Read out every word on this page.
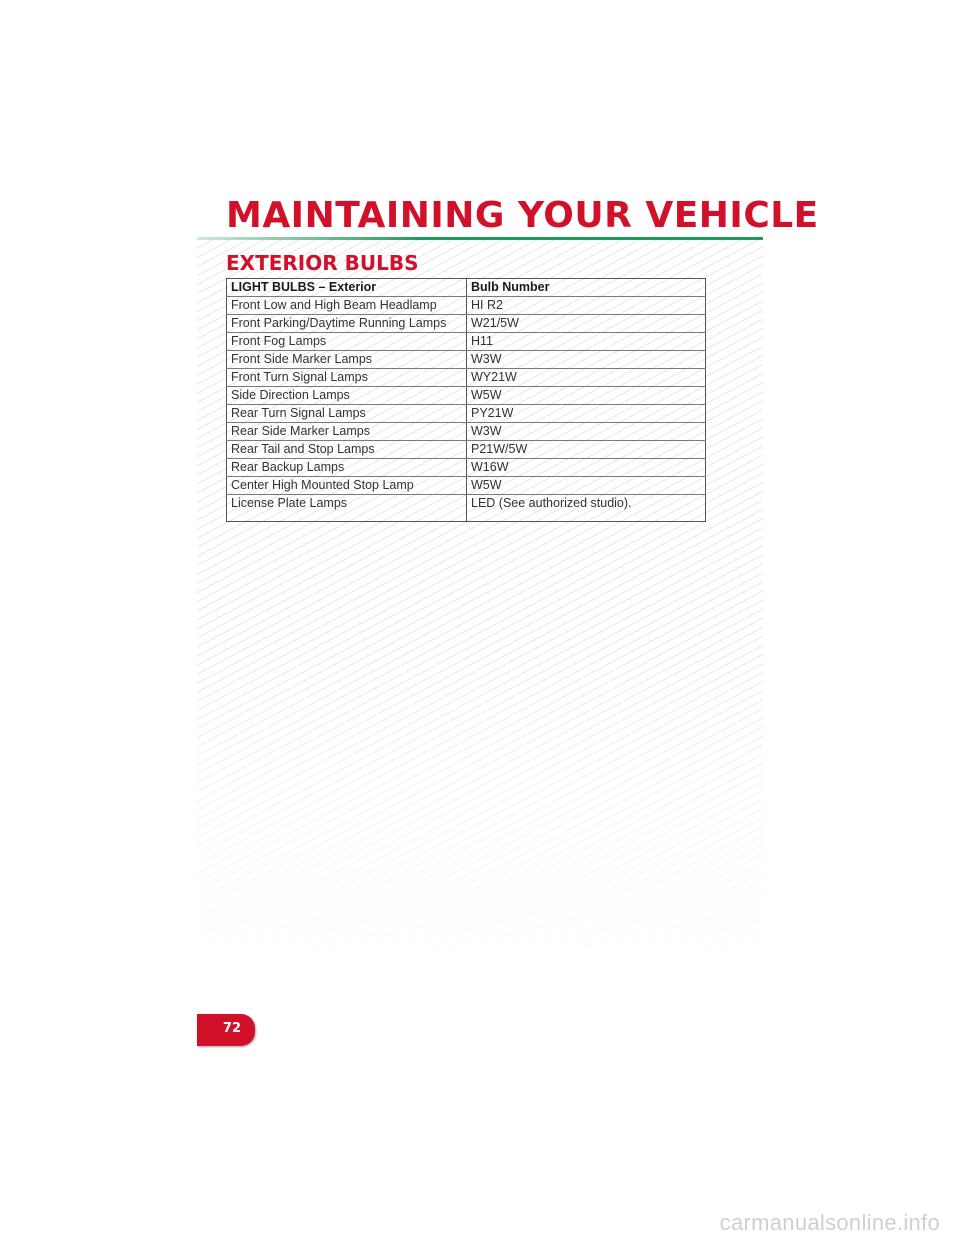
MAINTAINING YOUR VEHICLE
EXTERIOR BULBS
LIGHT BULBS – Exterior	Bulb Number
Front Low and High Beam Headlamp	HI R2
Front Parking/Daytime Running Lamps	W21/5W
Front Fog Lamps	H11
Front Side Marker Lamps	W3W
Front Turn Signal Lamps	WY21W
Side Direction Lamps	W5W
Rear Turn Signal Lamps	PY21W
Rear Side Marker Lamps	W3W
Rear Tail and Stop Lamps	P21W/5W
Rear Backup Lamps	W16W
Center High Mounted Stop Lamp	W5W
License Plate Lamps	LED (See authorized studio).
72
carmanualsonline.info
